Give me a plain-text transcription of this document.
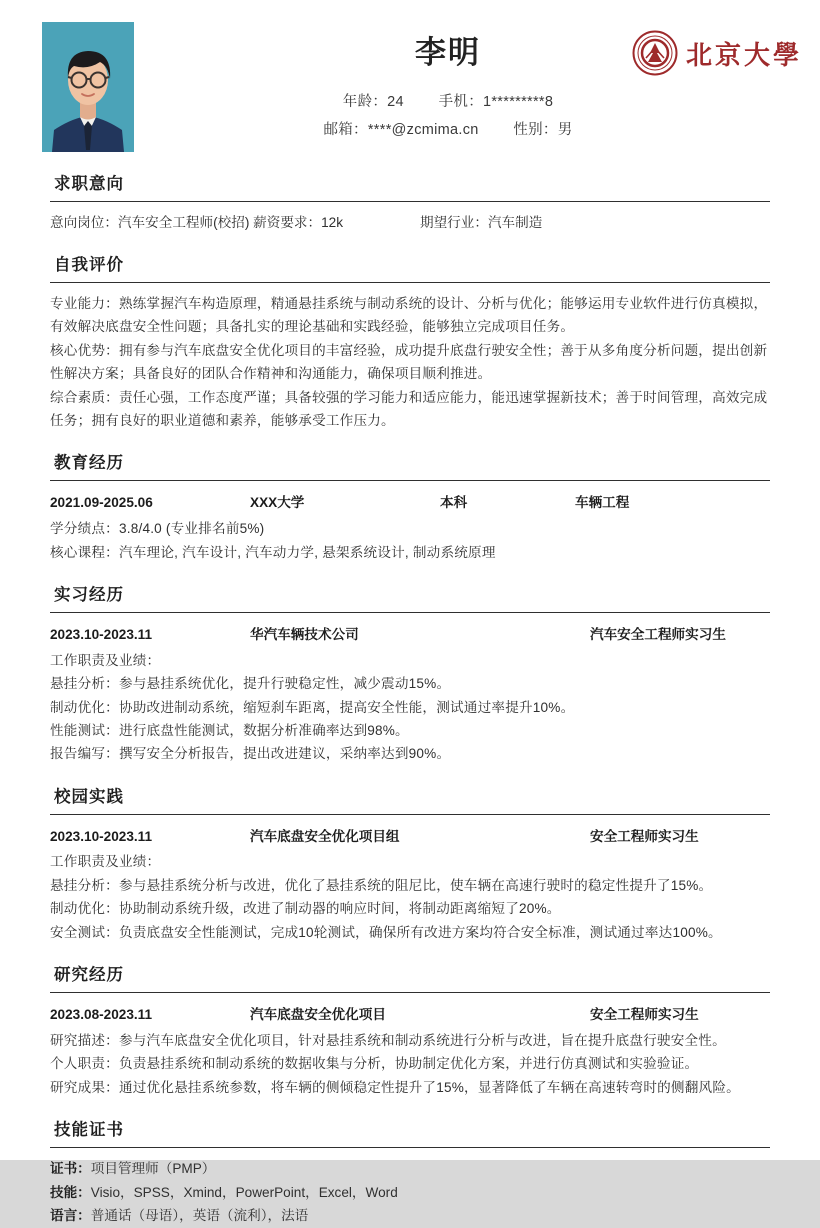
李明
年龄：24 手机：1*********8
邮箱：****@zcmima.cn 性别：男
北京大學
求职意向
意向岗位：汽车安全工程师(校招) 薪资要求：12k	期望行业：汽车制造
自我评价
专业能力：熟练掌握汽车构造原理，精通悬挂系统与制动系统的设计、分析与优化；能够运用专业软件进行仿真模拟，有效解决底盘安全性问题；具备扎实的理论基础和实践经验，能够独立完成项目任务。
核心优势：拥有参与汽车底盘安全优化项目的丰富经验，成功提升底盘行驶安全性；善于从多角度分析问题，提出创新性解决方案；具备良好的团队合作精神和沟通能力，确保项目顺利推进。
综合素质：责任心强，工作态度严谨；具备较强的学习能力和适应能力，能迅速掌握新技术；善于时间管理，高效完成任务；拥有良好的职业道德和素养，能够承受工作压力。
教育经历
2021.09-2025.06	XXX大学	本科	车辆工程
学分绩点：3.8/4.0 (专业排名前5%)
核心课程：汽车理论, 汽车设计, 汽车动力学, 悬架系统设计, 制动系统原理
实习经历
2023.10-2023.11	华汽车辆技术公司	汽车安全工程师实习生
工作职责及业绩：
悬挂分析：参与悬挂系统优化，提升行驶稳定性，减少震动15%。
制动优化：协助改进制动系统，缩短刹车距离，提高安全性能，测试通过率提升10%。
性能测试：进行底盘性能测试，数据分析准确率达到98%。
报告编写：撰写安全分析报告，提出改进建议，采纳率达到90%。
校园实践
2023.10-2023.11	汽车底盘安全优化项目组	安全工程师实习生
工作职责及业绩：
悬挂分析：参与悬挂系统分析与改进，优化了悬挂系统的阻尼比，使车辆在高速行驶时的稳定性提升了15%。
制动优化：协助制动系统升级，改进了制动器的响应时间，将制动距离缩短了20%。
安全测试：负责底盘安全性能测试，完成10轮测试，确保所有改进方案均符合安全标准，测试通过率达100%。
研究经历
2023.08-2023.11	汽车底盘安全优化项目	安全工程师实习生
研究描述：参与汽车底盘安全优化项目，针对悬挂系统和制动系统进行分析与改进，旨在提升底盘行驶安全性。
个人职责：负责悬挂系统和制动系统的数据收集与分析，协助制定优化方案，并进行仿真测试和实验验证。
研究成果：通过优化悬挂系统参数，将车辆的侧倾稳定性提升了15%，显著降低了车辆在高速转弯时的侧翻风险。
技能证书
证书：项目管理师（PMP）
技能：Visio，SPSS，Xmind，PowerPoint，Excel，Word
语言：普通话（母语），英语（流利），法语
